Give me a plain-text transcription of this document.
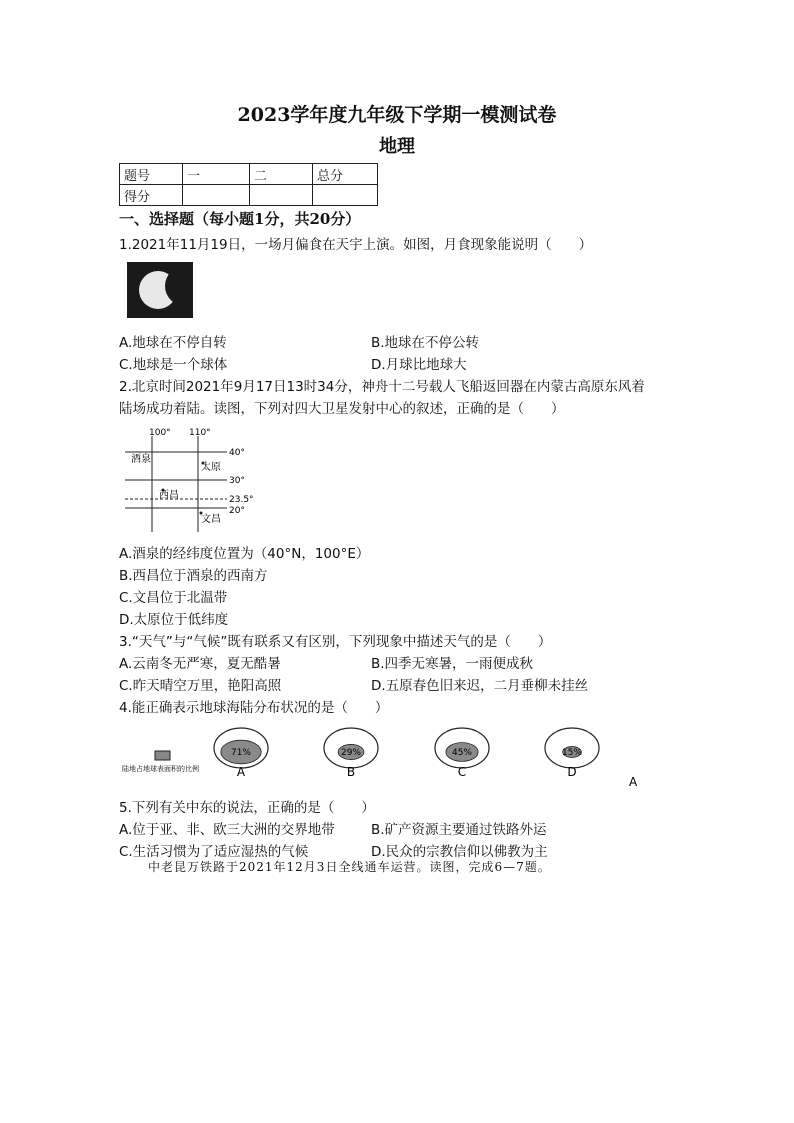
2023学年度九年级下学期一模测试卷
地理
题号	一	二	总分
得分			
一、选择题（每小题1分，共20分）
1.2021年11月19日，一场月偏食在天宇上演。如图，月食现象能说明（　　）
A.地球在不停自转	B.地球在不停公转
C.地球是一个球体	D.月球比地球大
2.北京时间2021年9月17日13时34分，神舟十二号载人飞船返回器在内蒙古高原东风着
陆场成功着陆。读图，下列对四大卫星发射中心的叙述，正确的是（　　）
100° 110°
40°
30°
23.5°
20°
酒泉
太原
西昌
文昌
A.酒泉的经纬度位置为（40°N，100°E）
B.西昌位于酒泉的西南方
C.文昌位于北温带
D.太原位于低纬度
3.“天气”与“气候”既有联系又有区别，下列现象中描述天气的是（　　）
A.云南冬无严寒，夏无酷暑	B.四季无寒暑，一雨便成秋
C.昨天晴空万里，艳阳高照	D.五原春色旧来迟，二月垂柳未挂丝
4.能正确表示地球海陆分布状况的是（　　）
陆地占地球表面积的比例
71%
A
29%
B
45%
C
15%
D
A
5.下列有关中东的说法，正确的是（　　）
A.位于亚、非、欧三大洲的交界地带	B.矿产资源主要通过铁路外运
C.生活习惯为了适应湿热的气候	D.民众的宗教信仰以佛教为主
中老昆万铁路于2021年12月3日全线通车运营。读图，完成6—7题。
